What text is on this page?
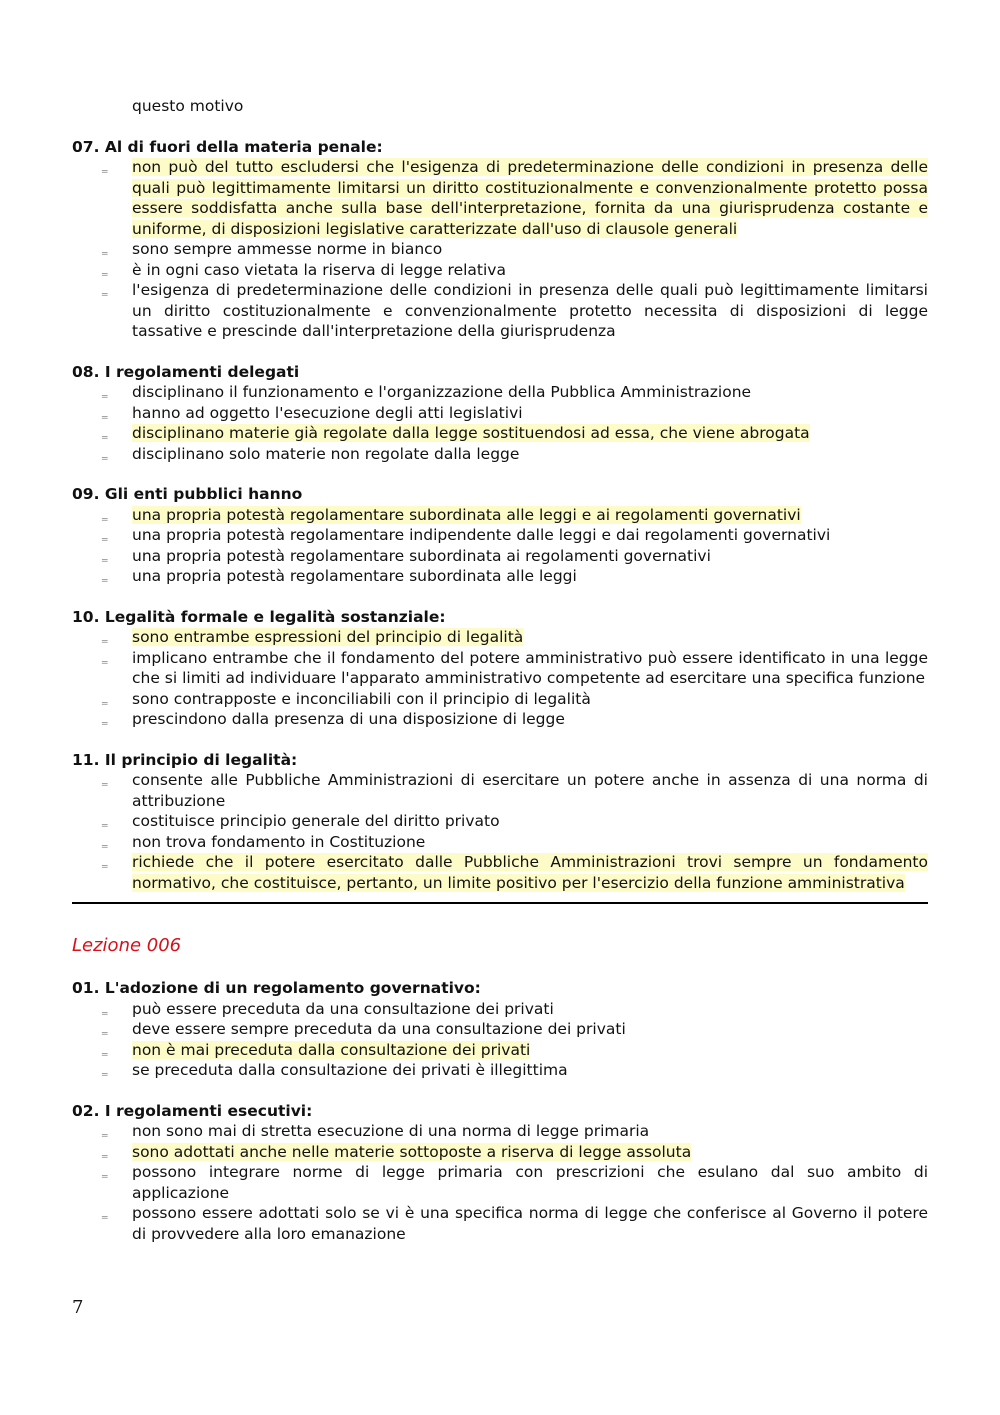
questo motivo

07. Al di fuori della materia penale:

‗ non può del tutto escludersi che l'esigenza di predeterminazione delle condizioni in presenza delle quali può legittimamente limitarsi un diritto costituzionalmente e convenzionalmente protetto possa essere soddisfatta anche sulla base dell'interpretazione, fornita da una giurisprudenza costante e uniforme, di disposizioni legislative caratterizzate dall'uso di clausole generali
‗ sono sempre ammesse norme in bianco
‗ è in ogni caso vietata la riserva di legge relativa
‗ l'esigenza di predeterminazione delle condizioni in presenza delle quali può legittimamente limitarsi un diritto costituzionalmente e convenzionalmente protetto necessita di disposizioni di legge tassative e prescinde dall'interpretazione della giurisprudenza

08. I regolamenti delegati

‗ disciplinano il funzionamento e l'organizzazione della Pubblica Amministrazione
‗ hanno ad oggetto l'esecuzione degli atti legislativi
‗ disciplinano materie già regolate dalla legge sostituendosi ad essa, che viene abrogata
‗ disciplinano solo materie non regolate dalla legge

09. Gli enti pubblici hanno

‗ una propria potestà regolamentare subordinata alle leggi e ai regolamenti governativi
‗ una propria potestà regolamentare indipendente dalle leggi e dai regolamenti governativi
‗ una propria potestà regolamentare subordinata ai regolamenti governativi
‗ una propria potestà regolamentare subordinata alle leggi

10. Legalità formale e legalità sostanziale:

‗ sono entrambe espressioni del principio di legalità
‗ implicano entrambe che il fondamento del potere amministrativo può essere identificato in una legge che si limiti ad individuare l'apparato amministrativo competente ad esercitare una specifica funzione
‗ sono contrapposte e inconciliabili con il principio di legalità
‗ prescindono dalla presenza di una disposizione di legge

11. Il principio di legalità:

‗ consente alle Pubbliche Amministrazioni di esercitare un potere anche in assenza di una norma di attribuzione
‗ costituisce principio generale del diritto privato
‗ non trova fondamento in Costituzione
‗ richiede che il potere esercitato dalle Pubbliche Amministrazioni trovi sempre un fondamento normativo, che costituisce, pertanto, un limite positivo per l'esercizio della funzione amministrativa
Lezione 006

01. L'adozione di un regolamento governativo:

‗ può essere preceduta da una consultazione dei privati
‗ deve essere sempre preceduta da una consultazione dei privati
‗ non è mai preceduta dalla consultazione dei privati
‗ se preceduta dalla consultazione dei privati è illegittima

02. I regolamenti esecutivi:

‗ non sono mai di stretta esecuzione di una norma di legge primaria
‗ sono adottati anche nelle materie sottoposte a riserva di legge assoluta
‗ possono integrare norme di legge primaria con prescrizioni che esulano dal suo ambito di applicazione
‗ possono essere adottati solo se vi è una specifica norma di legge che conferisce al Governo il potere di provvedere alla loro emanazione
7
